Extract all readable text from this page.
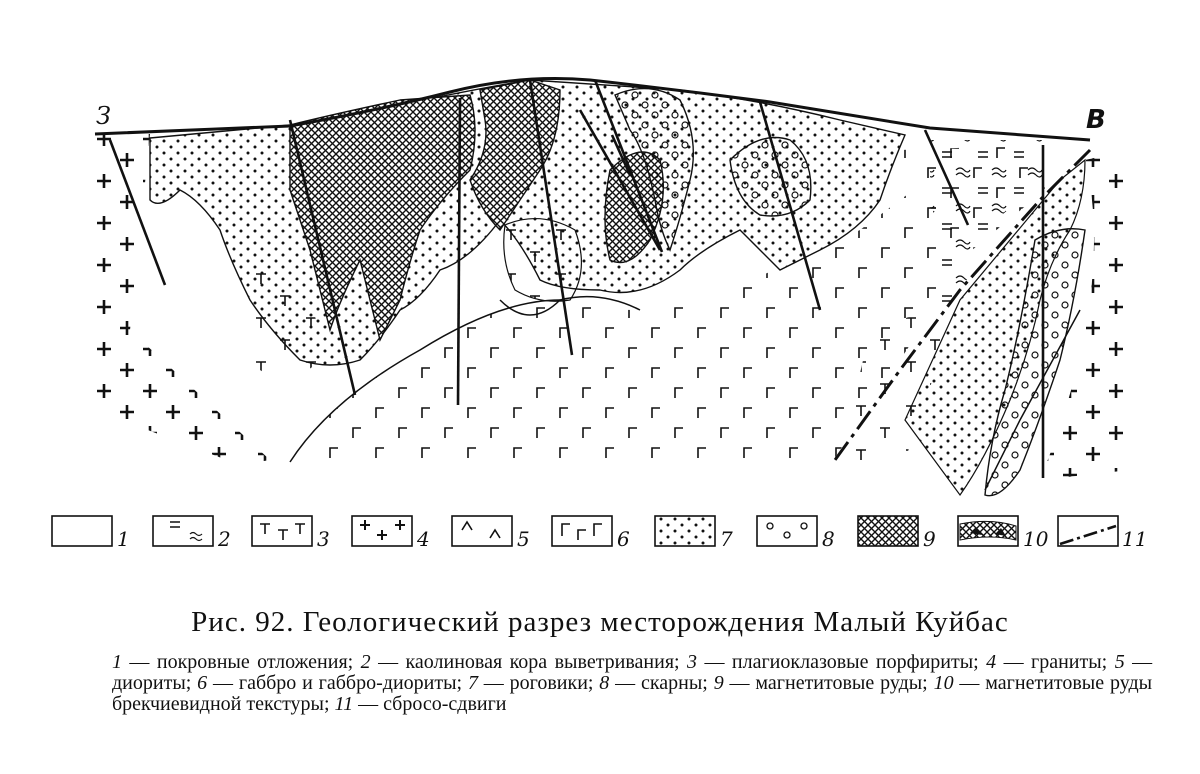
З	В
1	2	3	4	5	6	7	8	9	10	11
Рис. 92. Геологический разрез месторождения Малый Куйбас
1 — покровные отложения; 2 — каолиновая кора выветривания; 3 — плагиоклазовые порфириты; 4 — граниты; 5 — диориты; 6 — габбро и габбро-диориты; 7 — роговики; 8 — скарны; 9 — магнетитовые руды; 10 — магнетитовые руды брекчиевидной текстуры; 11 — сбросо-сдвиги
